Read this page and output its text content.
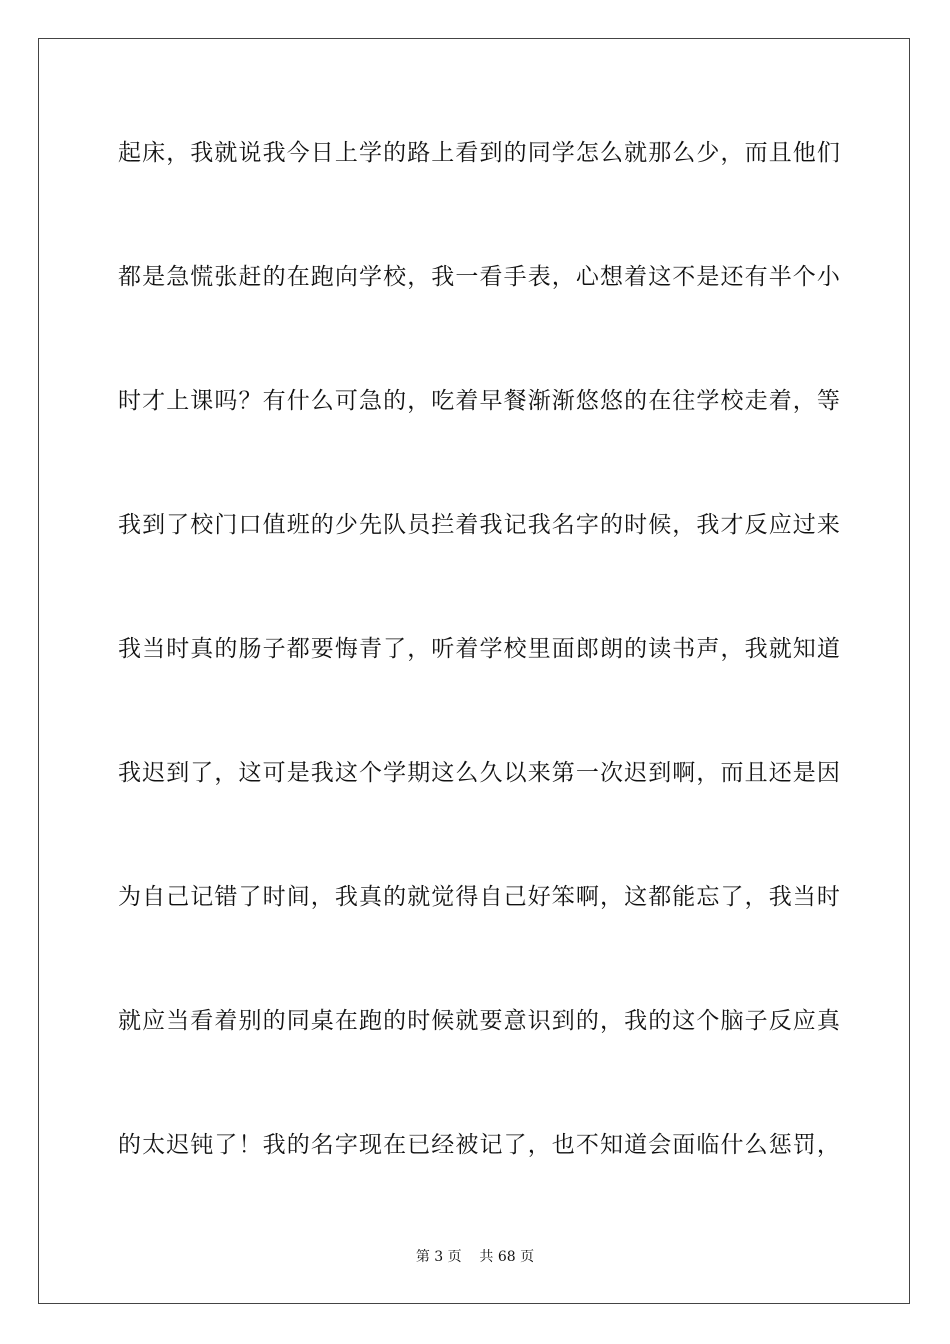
起床，我就说我今日上学的路上看到的同学怎么就那么少，而且他们
都是急慌张赶的在跑向学校，我一看手表，心想着这不是还有半个小
时才上课吗？有什么可急的，吃着早餐渐渐悠悠的在往学校走着，等
我到了校门口值班的少先队员拦着我记我名字的时候，我才反应过来
我当时真的肠子都要悔青了，听着学校里面郎朗的读书声，我就知道
我迟到了，这可是我这个学期这么久以来第一次迟到啊，而且还是因
为自己记错了时间，我真的就觉得自己好笨啊，这都能忘了，我当时
就应当看着别的同桌在跑的时候就要意识到的，我的这个脑子反应真
的太迟钝了！我的名字现在已经被记了，也不知道会面临什么惩罚，
第 3 页    共 68 页
